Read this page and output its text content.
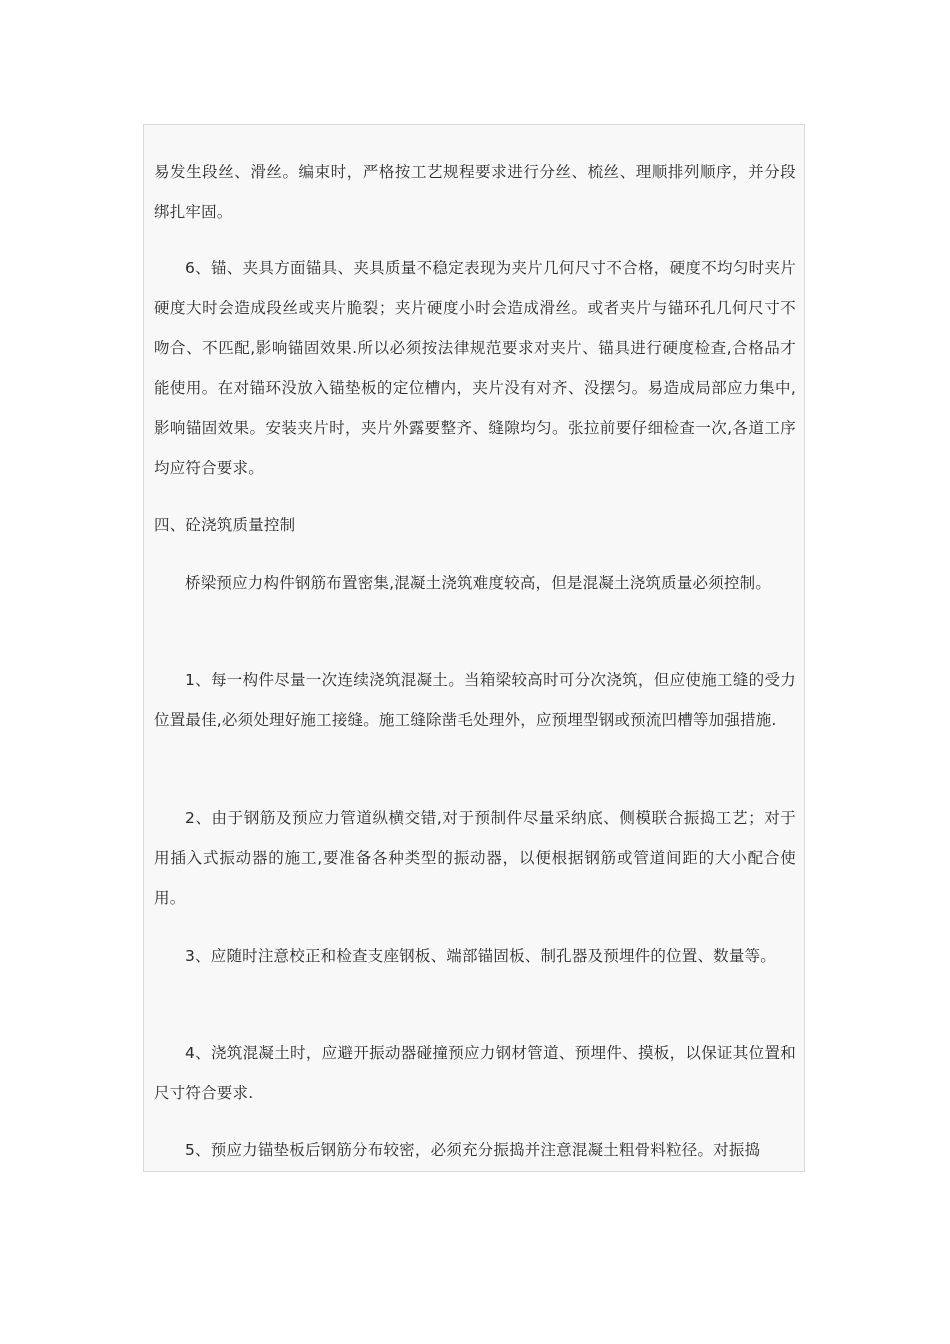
易发生段丝、滑丝。编束时，严格按工艺规程要求进行分丝、梳丝、理顺排列顺序，并分段绑扎牢固。

6、锚、夹具方面锚具、夹具质量不稳定表现为夹片几何尺寸不合格，硬度不均匀时夹片硬度大时会造成段丝或夹片脆裂；夹片硬度小时会造成滑丝。或者夹片与锚环孔几何尺寸不吻合、不匹配,影响锚固效果.所以必须按法律规范要求对夹片、锚具进行硬度检查,合格品才能使用。在对锚环没放入锚垫板的定位槽内，夹片没有对齐、没摆匀。易造成局部应力集中,影响锚固效果。安装夹片时，夹片外露要整齐、缝隙均匀。张拉前要仔细检查一次,各道工序均应符合要求。

四、砼浇筑质量控制

桥梁预应力构件钢筋布置密集,混凝土浇筑难度较高，但是混凝土浇筑质量必须控制。

1、每一构件尽量一次连续浇筑混凝土。当箱梁较高时可分次浇筑，但应使施工缝的受力位置最佳,必须处理好施工接缝。施工缝除凿毛处理外，应预埋型钢或预流凹槽等加强措施.

2、由于钢筋及预应力管道纵横交错,对于预制件尽量采纳底、侧模联合振捣工艺；对于用插入式振动器的施工,要准备各种类型的振动器，以便根据钢筋或管道间距的大小配合使用。

3、应随时注意校正和检查支座钢板、端部锚固板、制孔器及预埋件的位置、数量等。

4、浇筑混凝土时，应避开振动器碰撞预应力钢材管道、预埋件、摸板，以保证其位置和尺寸符合要求.

5、预应力锚垫板后钢筋分布较密，必须充分振捣并注意混凝土粗骨料粒径。对振捣
